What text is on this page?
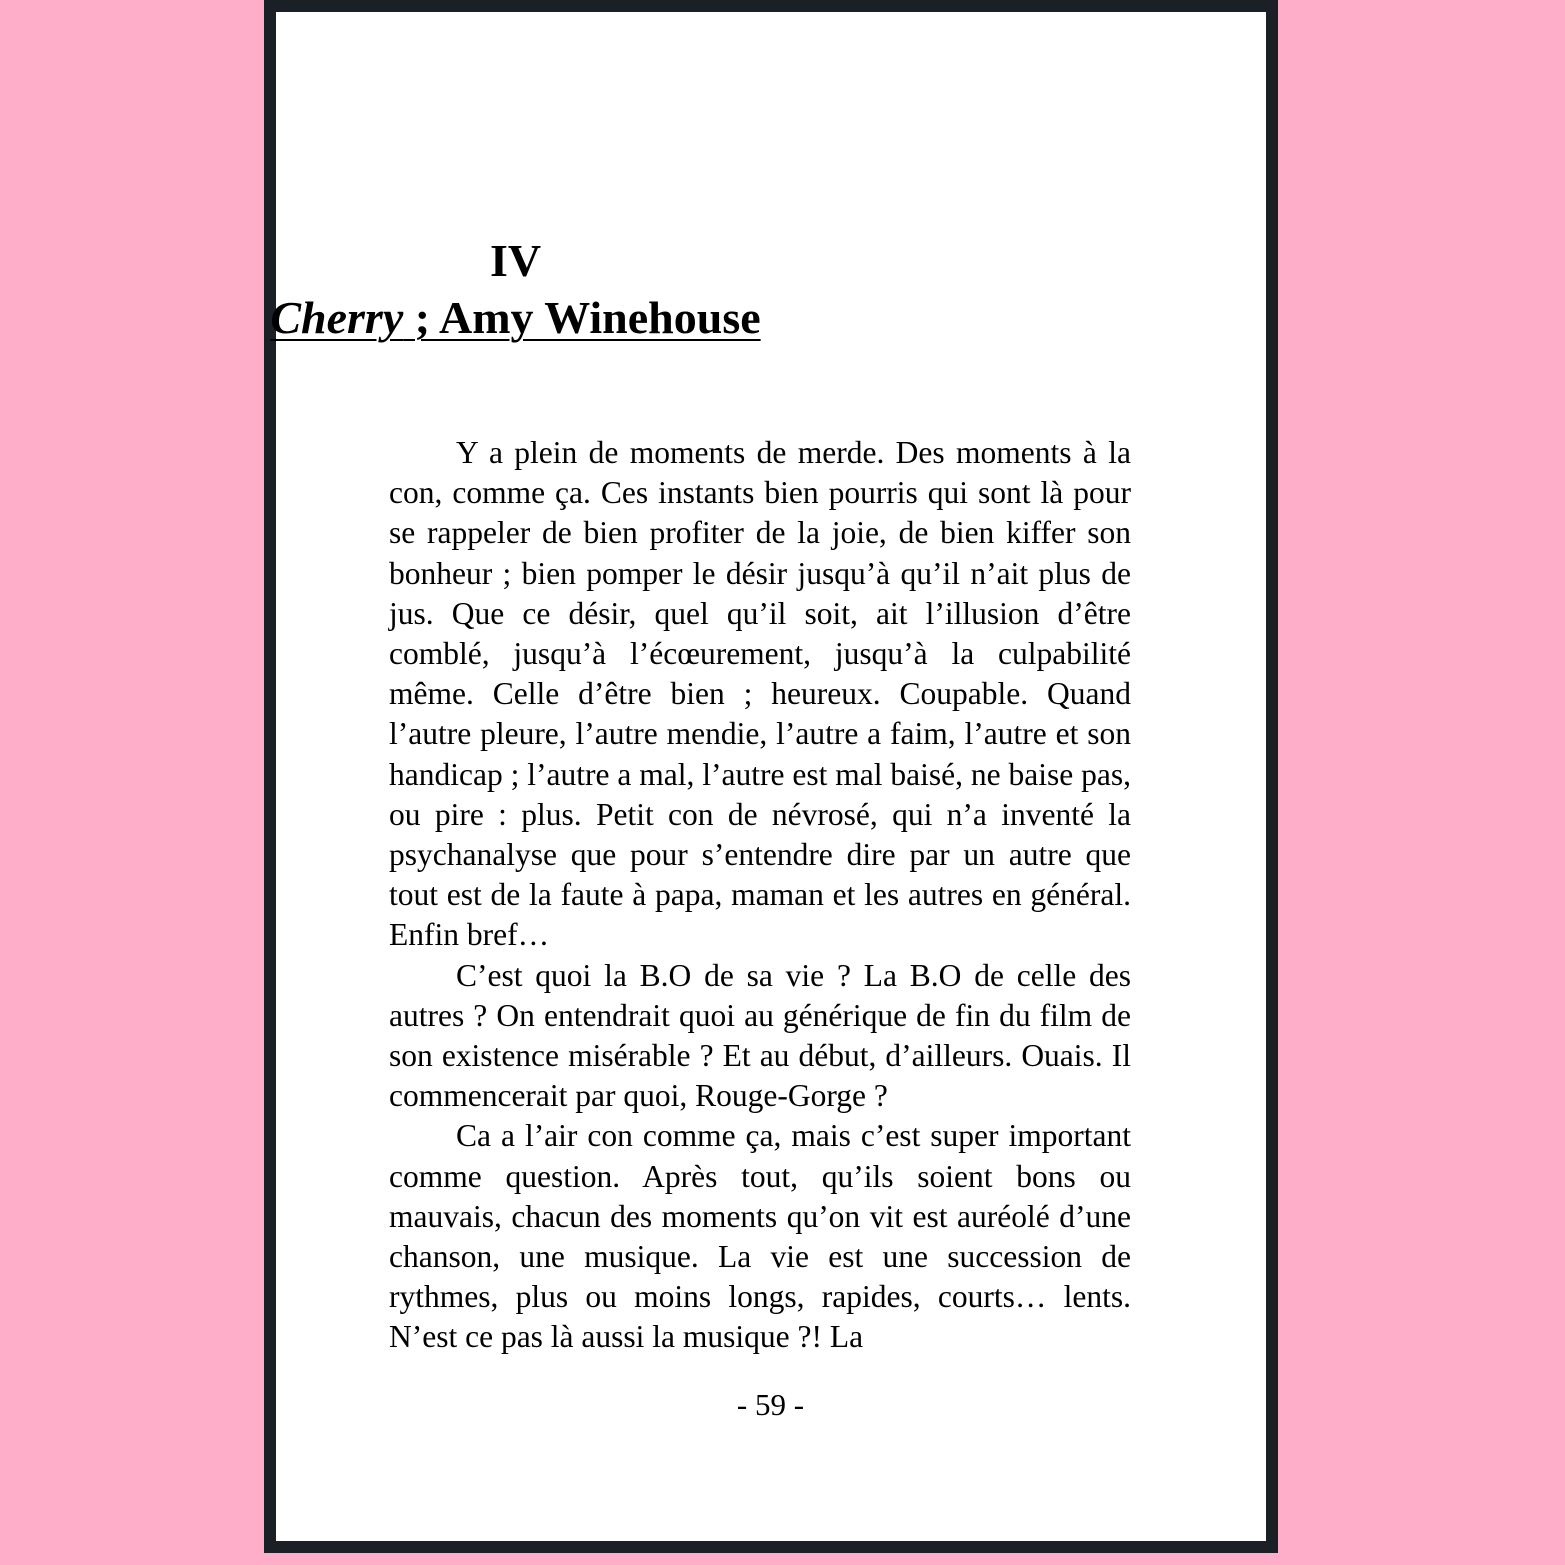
IV
Cherry ; Amy Winehouse

Y a plein de moments de merde. Des moments à la con, comme ça. Ces instants bien pourris qui sont là pour se rappeler de bien profiter de la joie, de bien kiffer son bonheur ; bien pomper le désir jusqu’à qu’il n’ait plus de jus. Que ce désir, quel qu’il soit, ait l’illusion d’être comblé, jusqu’à l’écœurement, jusqu’à la culpabilité même. Celle d’être bien ; heureux. Coupable. Quand l’autre pleure, l’autre mendie, l’autre a faim, l’autre et son handicap ; l’autre a mal, l’autre est mal baisé, ne baise pas, ou pire : plus. Petit con de névrosé, qui n’a inventé la psychanalyse que pour s’entendre dire par un autre que tout est de la faute à papa, maman et les autres en général. Enfin bref…

C’est quoi la B.O de sa vie ? La B.O de celle des autres ? On entendrait quoi au générique de fin du film de son existence misérable ? Et au début, d’ailleurs. Ouais. Il commencerait par quoi, Rouge-Gorge ?

Ca a l’air con comme ça, mais c’est super important comme question. Après tout, qu’ils soient bons ou mauvais, chacun des moments qu’on vit est auréolé d’une chanson, une musique. La vie est une succession de rythmes, plus ou moins longs, rapides, courts… lents. N’est ce pas là aussi la musique ?! La

- 59 -
